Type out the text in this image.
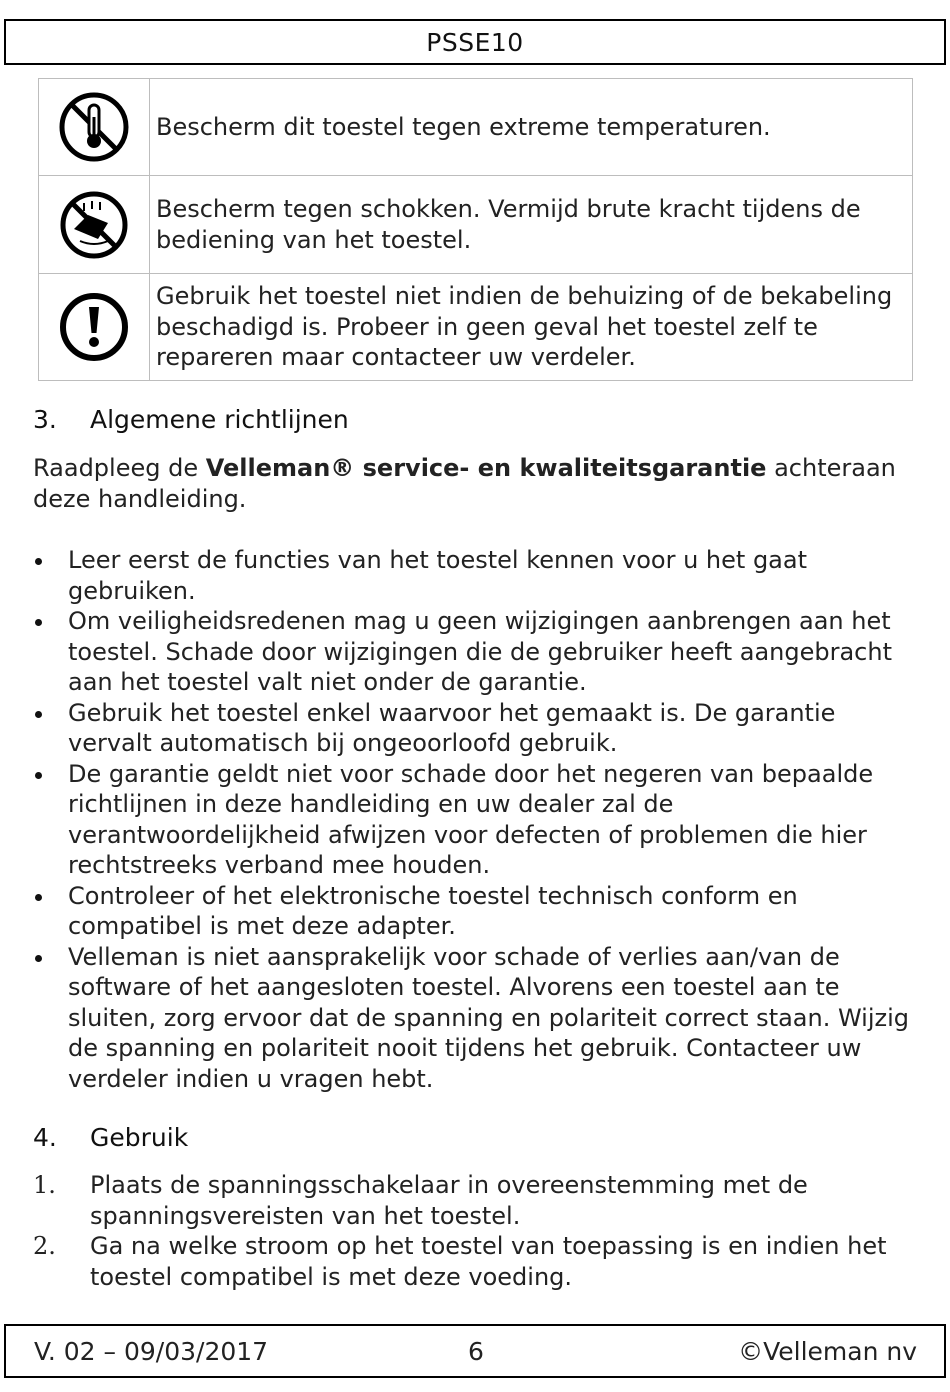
PSSE10
	Bescherm dit toestel tegen extreme temperaturen.
	Bescherm tegen schokken. Vermijd brute kracht tijdens de bediening van het toestel.
	Gebruik het toestel niet indien de behuizing of de bekabeling beschadigd is. Probeer in geen geval het toestel zelf te repareren maar contacteer uw verdeler.
3. Algemene richtlijnen
Raadpleeg de Velleman® service- en kwaliteitsgarantie achteraan deze handleiding.
Leer eerst de functies van het toestel kennen voor u het gaat gebruiken.
Om veiligheidsredenen mag u geen wijzigingen aanbrengen aan het toestel. Schade door wijzigingen die de gebruiker heeft aangebracht aan het toestel valt niet onder de garantie.
Gebruik het toestel enkel waarvoor het gemaakt is. De garantie vervalt automatisch bij ongeoorloofd gebruik.
De garantie geldt niet voor schade door het negeren van bepaalde richtlijnen in deze handleiding en uw dealer zal de verantwoordelijkheid afwijzen voor defecten of problemen die hier rechtstreeks verband mee houden.
Controleer of het elektronische toestel technisch conform en compatibel is met deze adapter.
Velleman is niet aansprakelijk voor schade of verlies aan/van de software of het aangesloten toestel. Alvorens een toestel aan te sluiten, zorg ervoor dat de spanning en polariteit correct staan. Wijzig de spanning en polariteit nooit tijdens het gebruik. Contacteer uw verdeler indien u vragen hebt.
4. Gebruik
1. Plaats de spanningsschakelaar in overeenstemming met de spanningsvereisten van het toestel.
2. Ga na welke stroom op het toestel van toepassing is en indien het toestel compatibel is met deze voeding.
V. 02 – 09/03/2017	6	©Velleman nv
